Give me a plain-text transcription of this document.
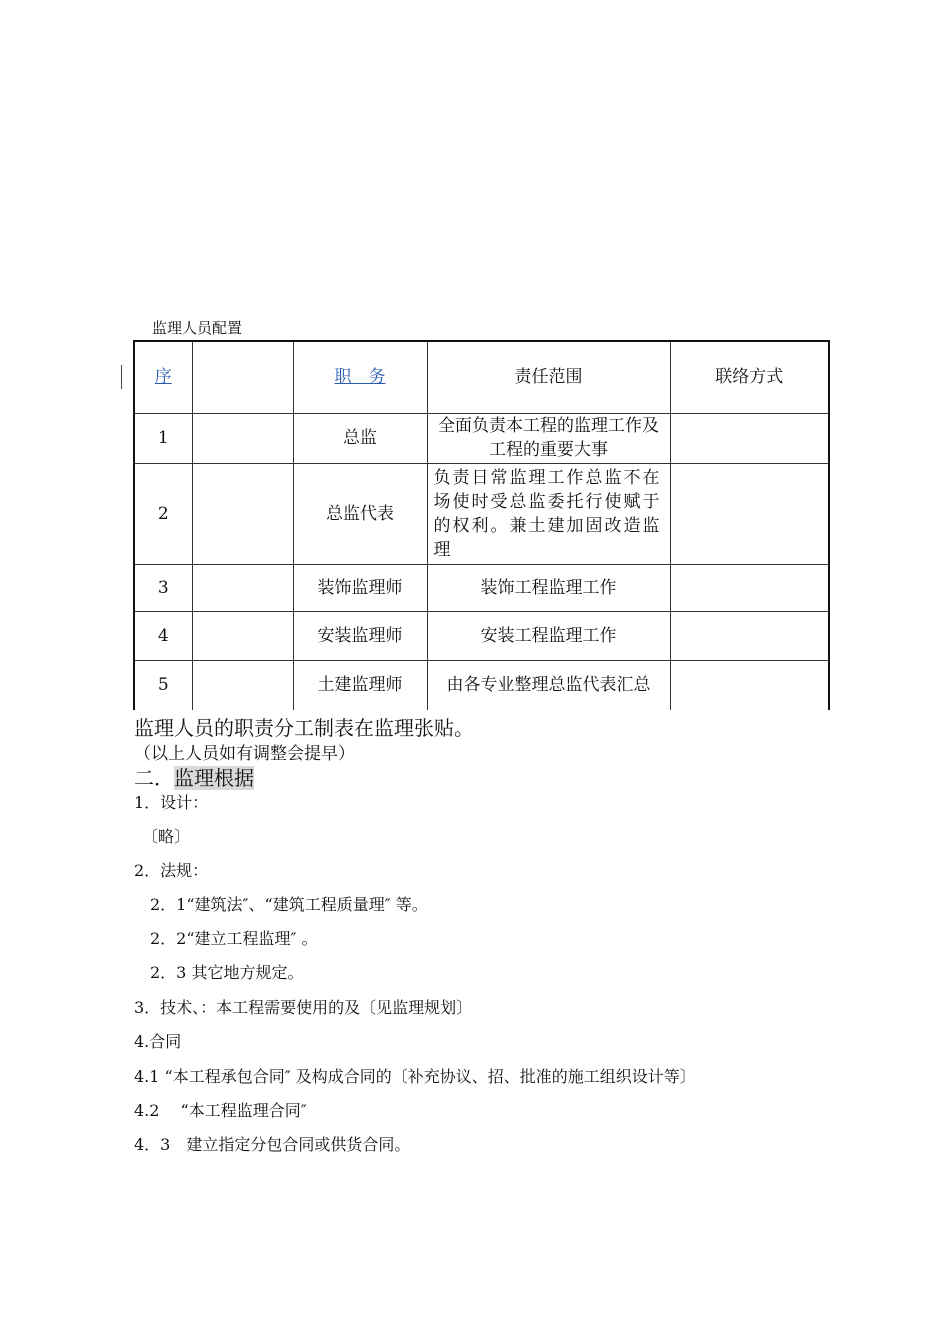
监理人员配置
序		职　务	责任范围	联络方式
1		总监	全面负责本工程的监理工作及工程的重要大事	
2		总监代表	负责日常监理工作总监不在场使时受总监委托行使赋于的权利。兼土建加固改造监理	
3		装饰监理师	装饰工程监理工作	
4		安装监理师	安装工程监理工作	
5		土建监理师	由各专业整理总监代表汇总	
监理人员的职责分工制表在监理张贴。
（以上人员如有调整会提早）
二．监理根据
1．设计：
　〔略〕
2．法规：
　2．1“建筑法″、“建筑工程质量理″ 等。
　2．2“建立工程监理″ 。
　2．3 其它地方规定。
3．技术、：本工程需要使用的及〔见监理规划〕
4.合同
4.1 “本工程承包合同″ 及构成合同的〔补充协议、招、批准的施工组织设计等〕
4.2　 “本工程监理合同″
4．3　建立指定分包合同或供货合同。
